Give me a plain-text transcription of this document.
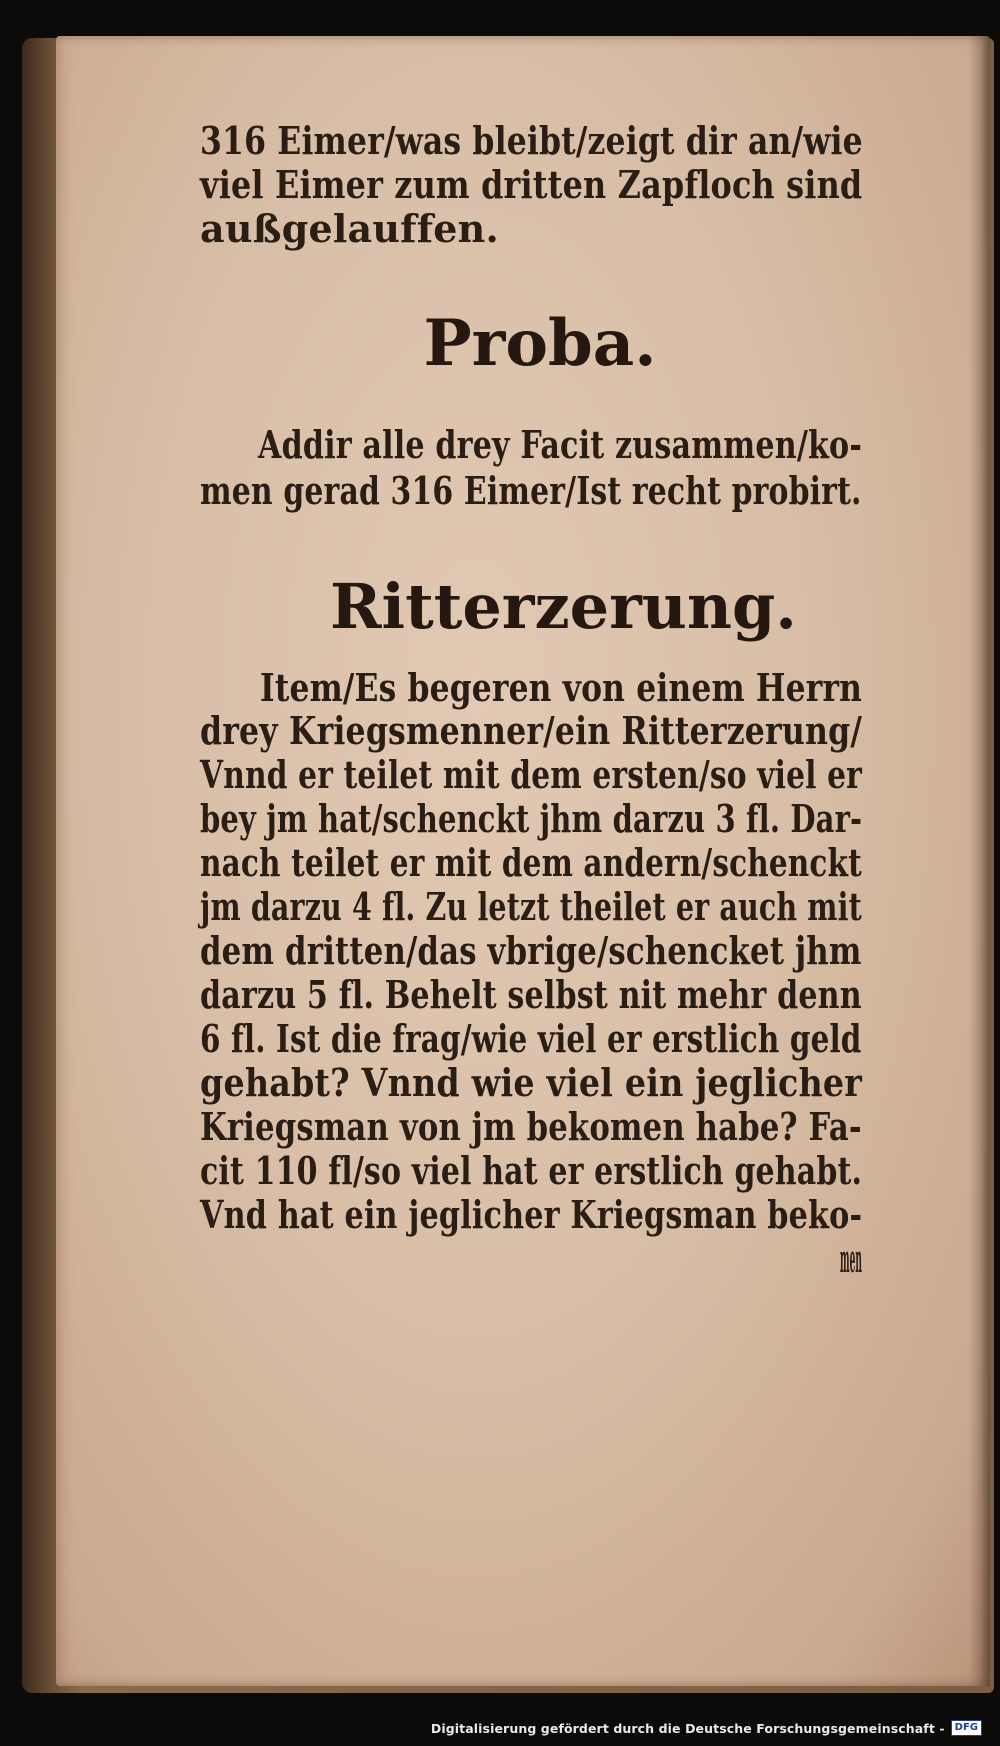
316 Eimer/was bleibt/zeigt dir an/wie
viel Eimer zum dritten Zapfloch sind
außgelauffen.
Proba.
Addir alle drey Facit zusammen/ko-
men gerad 316 Eimer/Ist recht probirt.
Ritterzerung.
Item/Es begeren von einem Herrn
drey Kriegsmenner/ein Ritterzerung/
Vnnd er teilet mit dem ersten/so viel er
bey jm hat/schenckt jhm darzu 3 fl. Dar-
nach teilet er mit dem andern/schenckt
jm darzu 4 fl. Zu letzt theilet er auch mit
dem dritten/das vbrige/schencket jhm
darzu 5 fl. Behelt selbst nit mehr denn
6 fl. Ist die frag/wie viel er erstlich geld
gehabt? Vnnd wie viel ein jeglicher
Kriegsman von jm bekomen habe? Fa-
cit 110 fl/so viel hat er erstlich gehabt.
Vnd hat ein jeglicher Kriegsman beko-
men
Digitalisierung gefördert durch die Deutsche Forschungsgemeinschaft -	DFG
